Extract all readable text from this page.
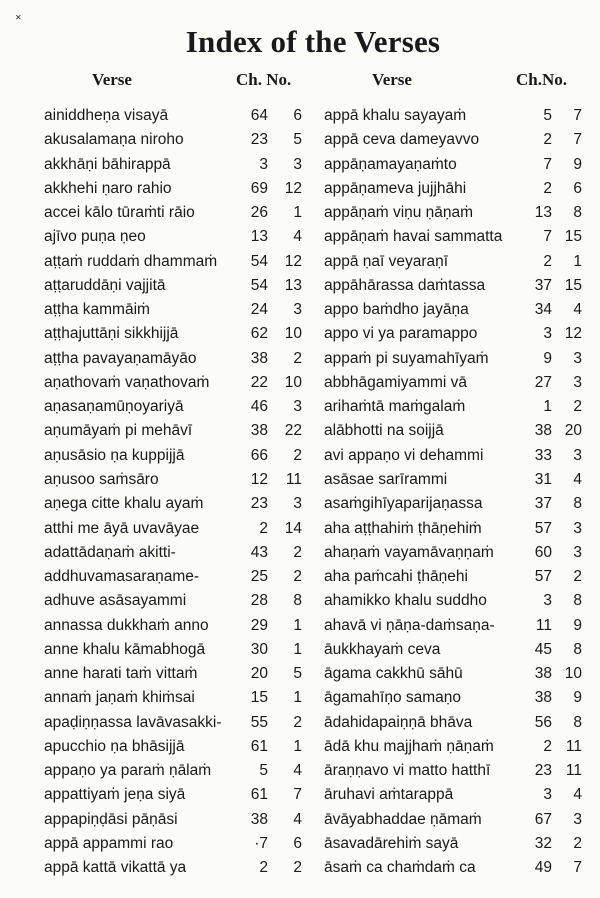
˟
Index of the Verses
Verse	Ch. No.
ainiddheṇa visayā	64	6
akusalamaṇa niroho	23	5
akkhāṇi bāhirappā	3	3
akkhehi ṇaro rahio	69	12
accei kālo tūraṁti rāio	26	1
ajīvo puṇa ṇeo	13	4
aṭṭaṁ ruddaṁ dhammaṁ	54	12
aṭṭaruddāṇi vajjitā	54	13
aṭṭha kammāiṁ	24	3
aṭṭhajuttāṇi sikkhijjā	62	10
aṭṭha pavayaṇamāyāo	38	2
aṇathovaṁ vaṇathovaṁ	22	10
aṇasaṇamūṇoyariyā	46	3
aṇumāyaṁ pi mehāvī	38	22
aṇusāsio ṇa kuppijjā	66	2
aṇusoo saṁsāro	12	11
aṇega citte khalu ayaṁ	23	3
atthi me āyā uvavāyae	2	14
adattādaṇaṁ akitti-	43	2
addhuvamasaraṇame-	25	2
adhuve asāsayammi	28	8
annassa dukkhaṁ anno	29	1
anne khalu kāmabhogā	30	1
anne harati taṁ vittaṁ	20	5
annaṁ jaṇaṁ khiṁsai	15	1
apaḍiṇṇassa lavāvasakki-	55	2
apucchio ṇa bhāsijjā	61	1
appaṇo ya paraṁ ṇālaṁ	5	4
appattiyaṁ jeṇa siyā	61	7
appapiṇḍāsi pāṇāsi	38	4
appā appammi rao	·7	6
appā kattā vikattā ya	2	2
Verse	Ch.No.
appā khalu sayayaṁ	5	7
appā ceva dameyavvo	2	7
appāṇamayaṇaṁto	7	9
appāṇameva jujjhāhi	2	6
appāṇaṁ viṇu ṇāṇaṁ	13	8
appāṇaṁ havai sammatta	7 15
appā ṇaī veyaraṇī	2	1
appāhārassa daṁtassa	37 15
appo baṁdho jayāṇa	34	4
appo vi ya paramappo	3 12
appaṁ pi suyamahīyaṁ	9	3
abbhāgamiyammi vā	27	3
arihaṁtā maṁgalaṁ	1	2
alābhotti na soijjā	38 20
avi appaṇo vi dehammi	33	3
asāsae sarīrammi	31	4
asaṁgihīyaparijaṇassa	37	8
aha aṭṭhahiṁ ṭhāṇehiṁ	57	3
ahaṇaṁ vayamāvaṇṇaṁ	60	3
aha paṁcahi ṭhāṇehi	57	2
ahamikko khalu suddho	3	8
ahavā vi ṇāṇa-daṁsaṇa-	11	9
āukkhayaṁ ceva	45	8
āgama cakkhū sāhū	38 10
āgamahīṇo samaṇo	38	9
ādahidapaiṇṇā bhāva	56	8
ādā khu majjhaṁ ṇāṇaṁ	2 11
āraṇṇavo vi matto hatthī	23 11
āruhavi aṁtarappā	3	4
āvāyabhaddae ṇāmaṁ	67	3
āsavadārehiṁ sayā	32	2
āsaṁ ca chaṁdaṁ ca	49	7
